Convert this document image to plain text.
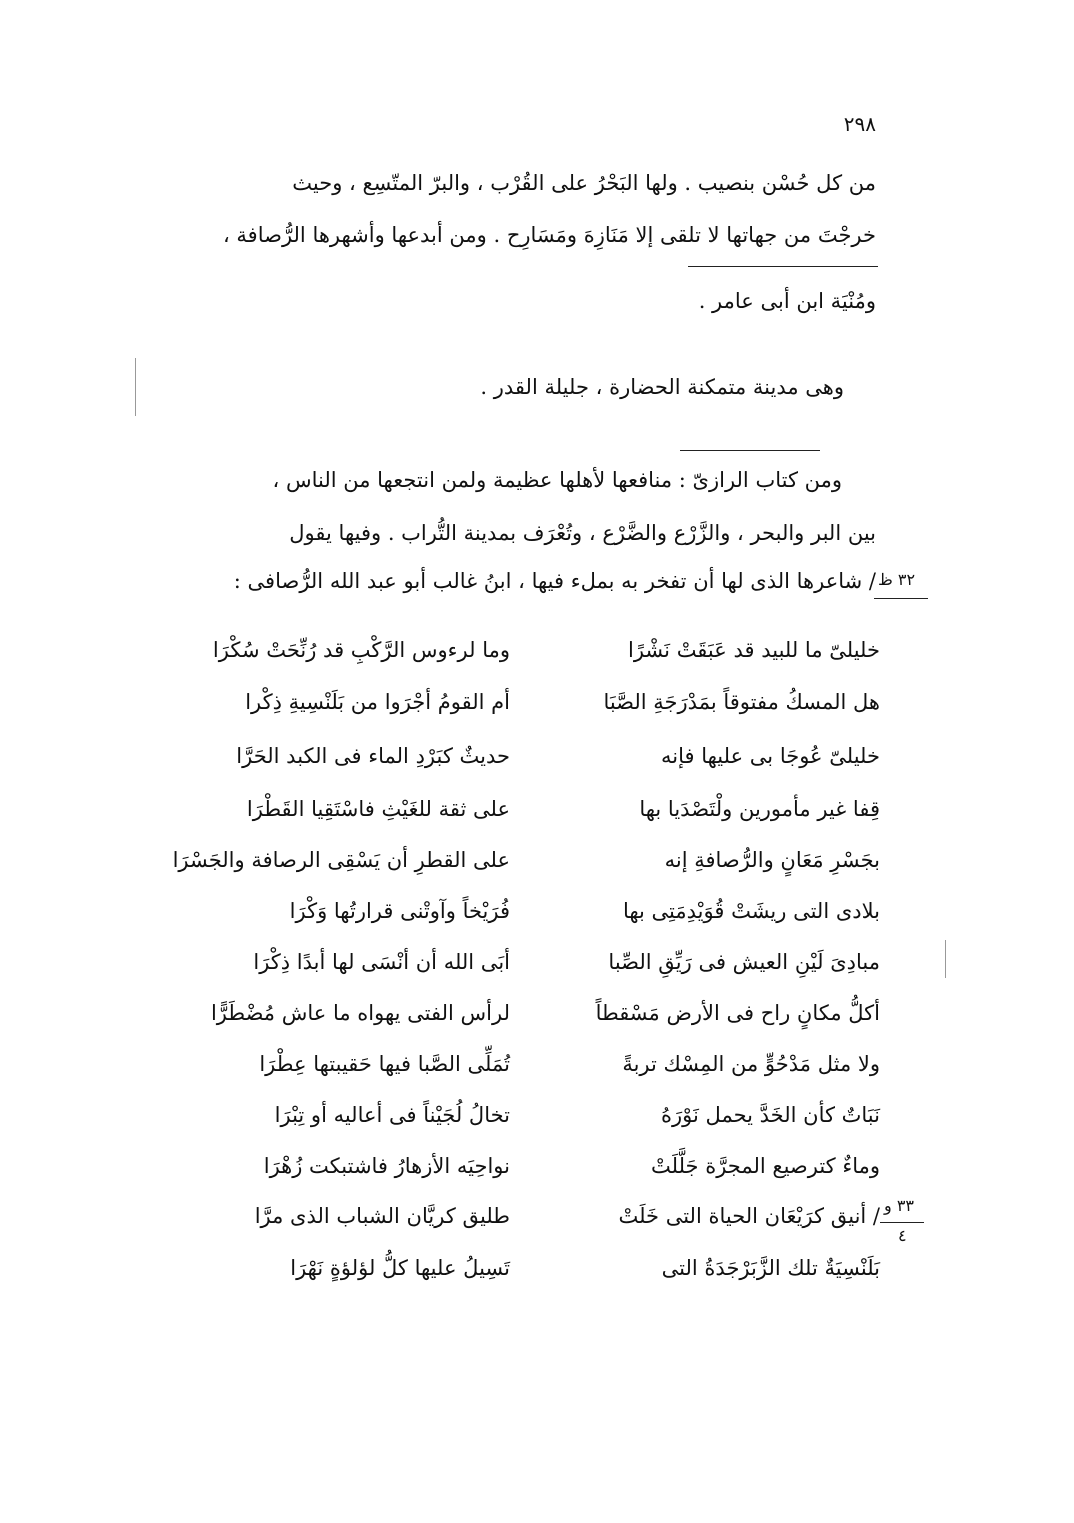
٢٩٨
من كل حُسْن بنصيب . ولها البَحْرُ على القُرْب ، والبرّ المتّسِع ، وحيث
خرجْتَ من جهاتها لا تلقى إلا مَنَازِهَ ومَسَارِح . ومن أبدعها وأشهرها الرُّصافة ،
ومُنْيَة ابن أبى عامر .
وهى مدينة متمكنة الحضارة ، جليلة القدر .
ومن كتاب الرازىّ : منافعها لأهلها عظيمة ولمن انتجعها من الناس ،
بين البر والبحر ، والزَّرْع والضَّرْع ، وتُعْرَف بمدينة التُّراب . وفيها يقول
/ شاعرها الذى لها أن تفخر به بملء فيها ، ابنُ غالب أبو عبد الله الرُّصافى : ٣٢ ظ
خليلىّ ما للبيد قد عَبَقَتْ نَشْرًا
وما لرءوس الرَّكْبِ قد رُنِّحَتْ سُكْرَا
هل المسكُ مفتوقاً بمَدْرَجَةِ الصَّبَا
أم القومُ أجْرَوا من بَلَنْسِيةِ ذِكْرا
خليلىّ عُوجَا بى عليها فإنه
حديثٌ كبَرْدِ الماء فى الكبد الحَرَّا
قِفا غير مأمورين ولْتَصْدَيا بها
على ثقة للغَيْثِ فاسْتَقِيا القَطْرَا
بجَسْرِ مَعَانٍ والرُّصافةِ إنه
على القطرِ أن يَسْقِى الرصافة والجَسْرَا
بلادى التى ريشَتْ قُوَيْدِمَتِى بها
فُرَيْخاً وآوتْنى قرارتُها وَكْرَا
مبادِىَ لَيْنِ العيش فى رَيِّقِ الصِّبا
أبَى الله أن أنْسَى لها أبدًا ذِكْرَا
أكلُّ مكانٍ راح فى الأرض مَسْقطاً
لرأس الفتى يهواه ما عاش مُضْطَرًّا
ولا مثل مَدْحُوٍّ من المِسْك تربةً
تُمَلِّى الصَّبا فيها حَقيبتها عِطْرَا
نَبَاتٌ كأن الخَدَّ يحمل نَوْرَهُ
تخالُ لُجَيْناً فى أعاليه أو تِبْرَا
وماءٌ كترصيع المجرَّة جَلَّلَتْ
نواحِيَه الأزهارُ فاشتبكت زُهْرَا
/ أنيق كرَيْعَان الحياة التى خَلَتْ
طليق كريَّان الشباب الذى مرَّا
بَلَنْسِيَةٌ تلك الزَّبَرْجَدَةُ التى
تَسِيلُ عليها كلُّ لؤلؤةٍ نَهْرَا
٣٣ و
٤
